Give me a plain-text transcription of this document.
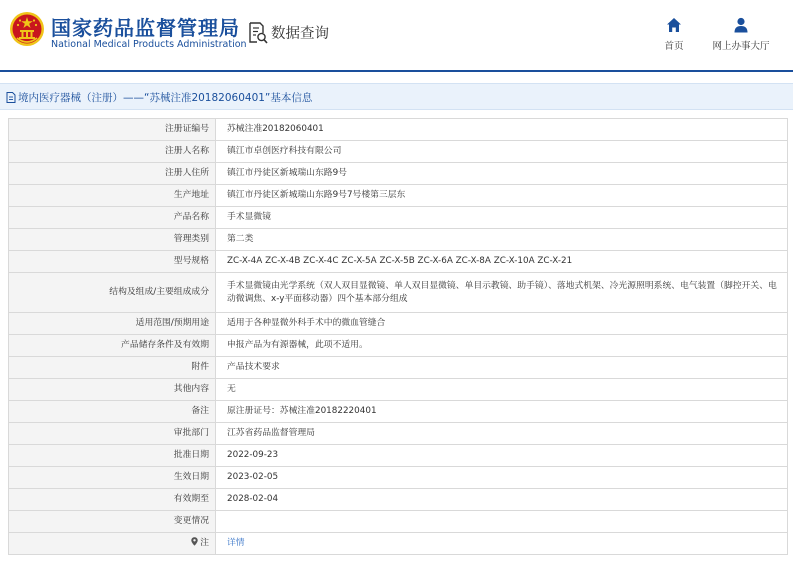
国家药品监督管理局
National Medical Products Administration
数据查询
首页	网上办事大厅
境内医疗器械（注册）——“苏械注准20182060401”基本信息
注册证编号	苏械注准20182060401
注册人名称	镇江市卓创医疗科技有限公司
注册人住所	镇江市丹徒区新城瑞山东路9号
生产地址	镇江市丹徒区新城瑞山东路9号7号楼第三层东
产品名称	手术显微镜
管理类别	第二类
型号规格	ZC-X-4A ZC-X-4B ZC-X-4C ZC-X-5A ZC-X-5B ZC-X-6A ZC-X-8A ZC-X-10A ZC-X-21
结构及组成/主要组成成分	手术显微镜由光学系统（双人双目显微镜、单人双目显微镜、单目示教镜、助手镜）、落地式机架、冷光源照明系统、电气装置（脚控开关、电动微调焦、x-y平面移动器）四个基本部分组成
适用范围/预期用途	适用于各种显微外科手术中的微血管缝合
产品储存条件及有效期	申报产品为有源器械，此项不适用。
附件	产品技术要求
其他内容	无
备注	原注册证号：苏械注准20182220401
审批部门	江苏省药品监督管理局
批准日期	2022-09-23
生效日期	2023-02-05
有效期至	2028-02-04
变更情况	
注	详情
